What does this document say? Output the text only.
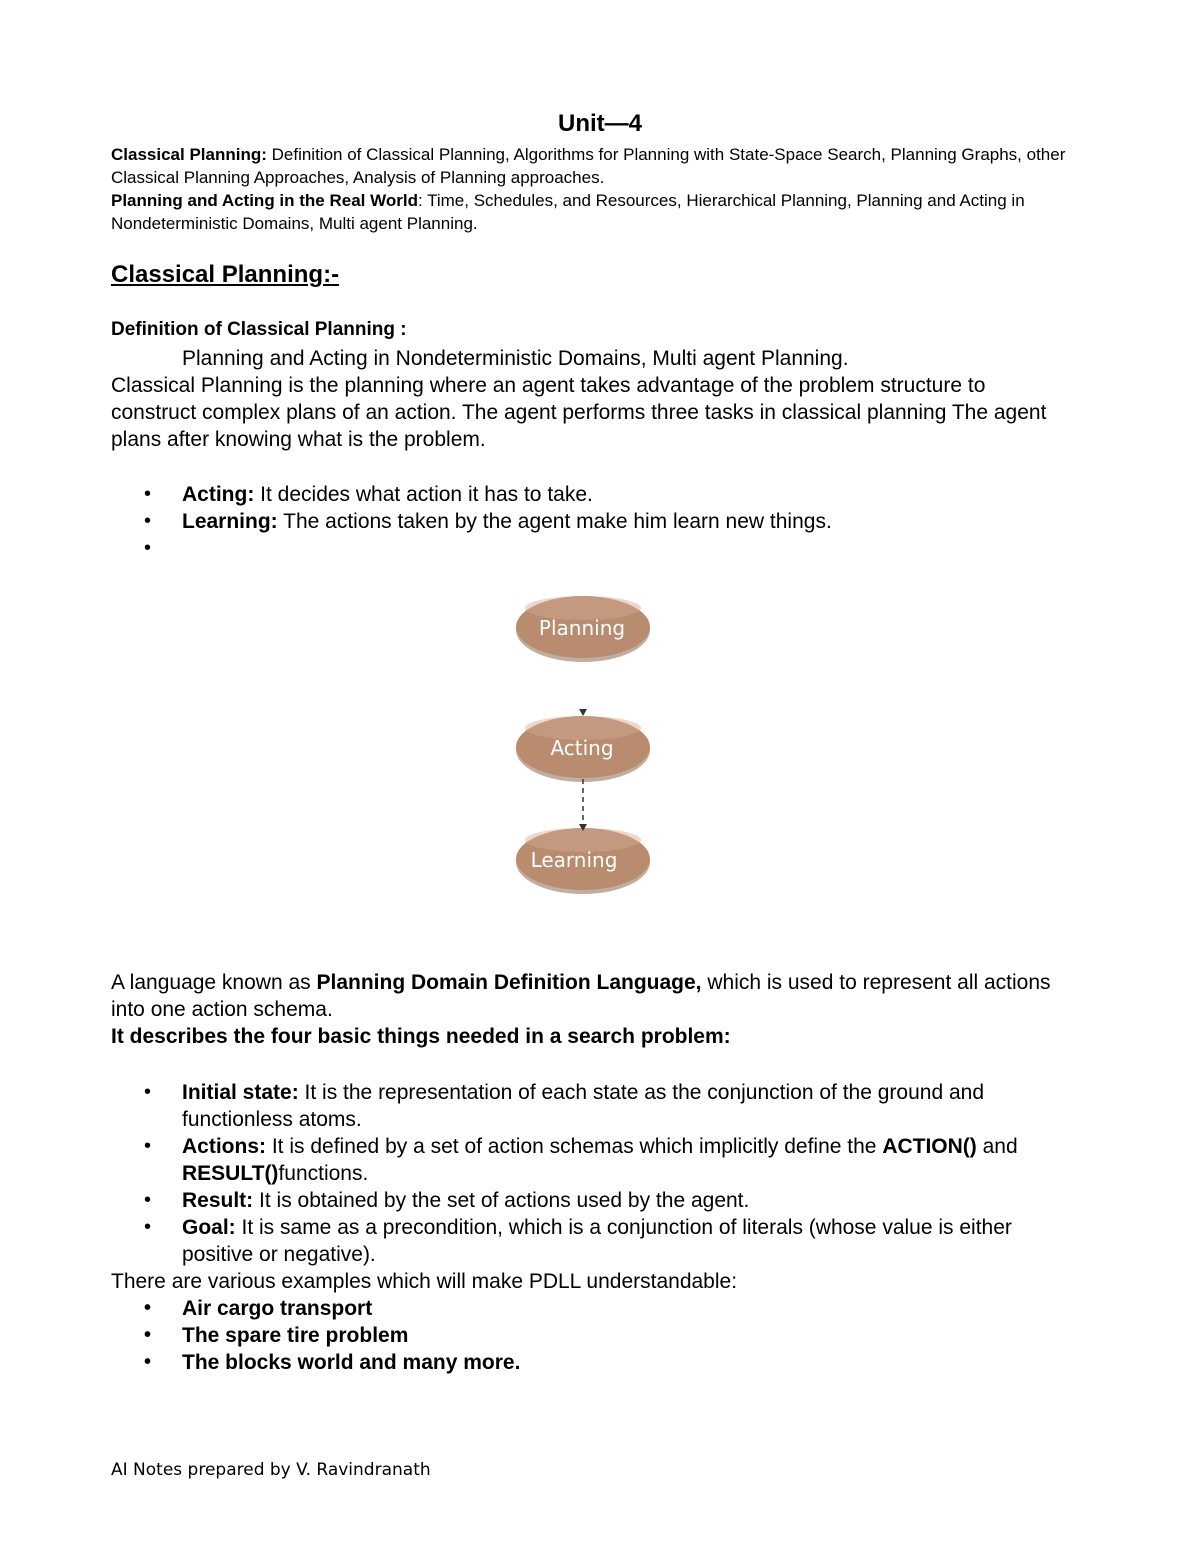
Unit—4

Classical Planning: Definition of Classical Planning, Algorithms for Planning with State-Space Search, Planning Graphs, other Classical Planning Approaches, Analysis of Planning approaches.

Planning and Acting in the Real World: Time, Schedules, and Resources, Hierarchical Planning, Planning and Acting in Nondeterministic Domains, Multi agent Planning.

Classical Planning:-
Definition of Classical Planning :

Planning and Acting in Nondeterministic Domains, Multi agent Planning.

Classical Planning is the planning where an agent takes advantage of the problem structure to construct complex plans of an action. The agent performs three tasks in classical planning The agent plans after knowing what is the problem.

• Acting: It decides what action it has to take.
• Learning: The actions taken by the agent make him learn new things.
•
Planning
Acting
Learning

A language known as Planning Domain Definition Language, which is used to represent all actions into one action schema.

It describes the four basic things needed in a search problem:

• Initial state: It is the representation of each state as the conjunction of the ground and functionless atoms.
• Actions: It is defined by a set of action schemas which implicitly define the ACTION() and RESULT()functions.
• Result: It is obtained by the set of actions used by the agent.
• Goal: It is same as a precondition, which is a conjunction of literals (whose value is either positive or negative).
There are various examples which will make PDLL understandable:
• Air cargo transport
• The spare tire problem
• The blocks world and many more.
AI Notes prepared by V. Ravindranath
